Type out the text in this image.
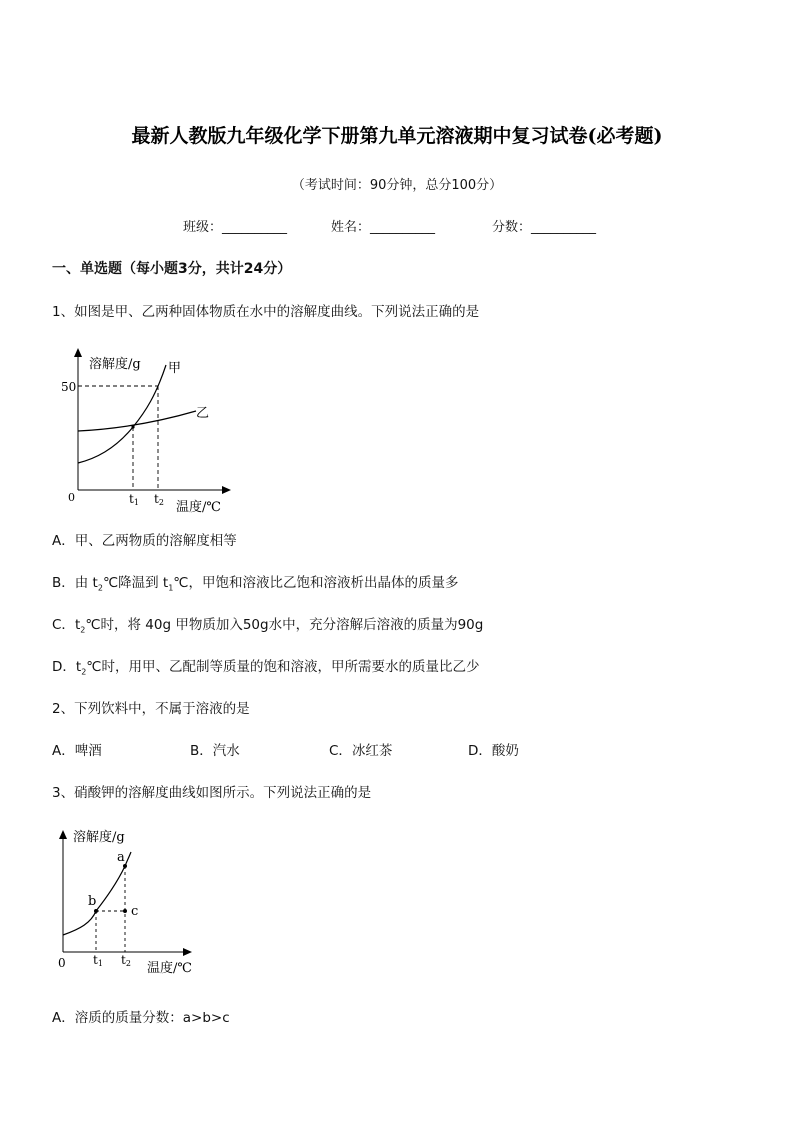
最新人教版九年级化学下册第九单元溶液期中复习试卷(必考题)
（考试时间：90分钟，总分100分）
班级：__________	姓名：__________	分数：__________
一、单选题（每小题3分，共计24分）
1、如图是甲、乙两种固体物质在水中的溶解度曲线。下列说法正确的是
溶解度/g 甲
乙
50
0	t1 t2 温度/℃
A．甲、乙两物质的溶解度相等
B．由 $t_2℃$降温到 $t_1℃$，甲饱和溶液比乙饱和溶液析出晶体的质量多
C．$t_2℃$时，将 40g 甲物质加入50g水中，充分溶解后溶液的质量为90g
D．$t_2℃$时，用甲、乙配制等质量的饱和溶液，甲所需要水的质量比乙少
2、下列饮料中，不属于溶液的是
A．啤酒	B．汽水	C．冰红茶	D．酸奶
3、硝酸钾的溶解度曲线如图所示。下列说法正确的是
溶解度/g
a
b
c
0 t1 t2 温度/℃
A．溶质的质量分数：a>b>c
